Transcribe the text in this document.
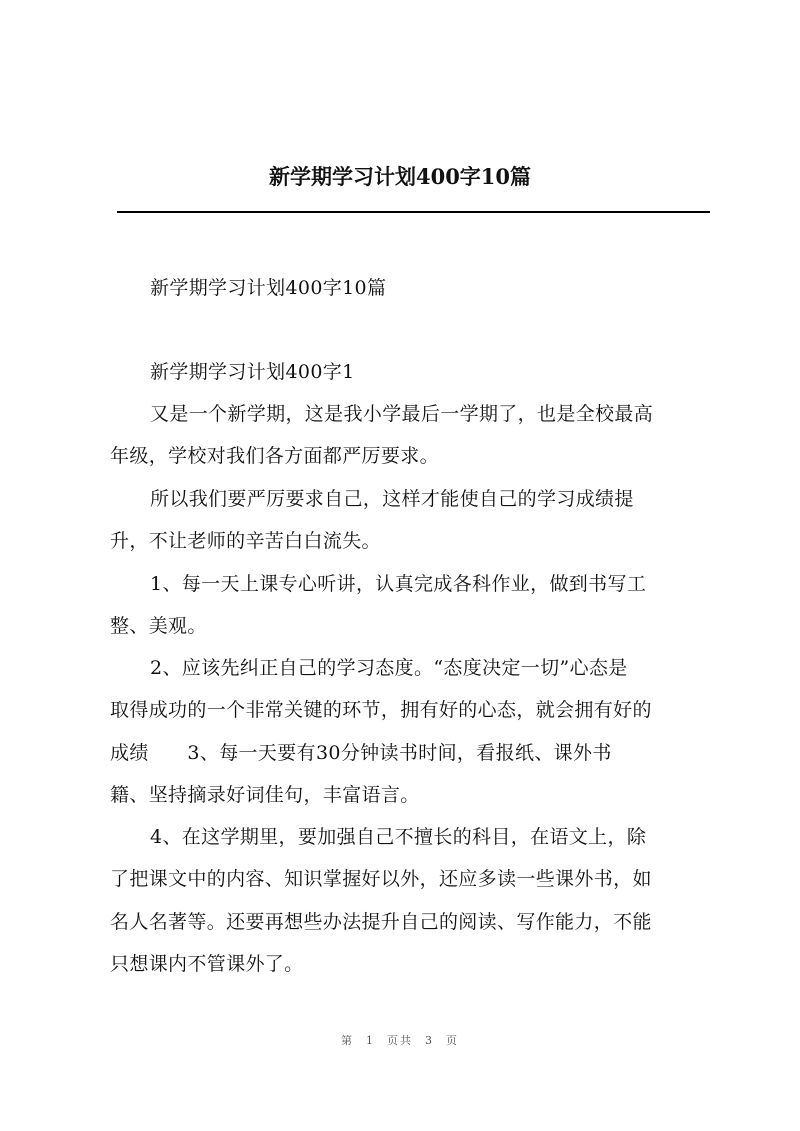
新学期学习计划400字10篇
新学期学习计划400字10篇
新学期学习计划400字1
又是一个新学期，这是我小学最后一学期了，也是全校最高
年级，学校对我们各方面都严厉要求。
所以我们要严厉要求自己，这样才能使自己的学习成绩提
升，不让老师的辛苦白白流失。
1、每一天上课专心听讲，认真完成各科作业，做到书写工
整、美观。
2、应该先纠正自己的学习态度。“态度决定一切”心态是
取得成功的一个非常关键的环节，拥有好的心态，就会拥有好的
成绩　　3、每一天要有30分钟读书时间，看报纸、课外书
籍、坚持摘录好词佳句，丰富语言。
4、在这学期里，要加强自己不擅长的科目，在语文上，除
了把课文中的内容、知识掌握好以外，还应多读一些课外书，如
名人名著等。还要再想些办法提升自己的阅读、写作能力，不能
只想课内不管课外了。
第 1 页共 3 页
